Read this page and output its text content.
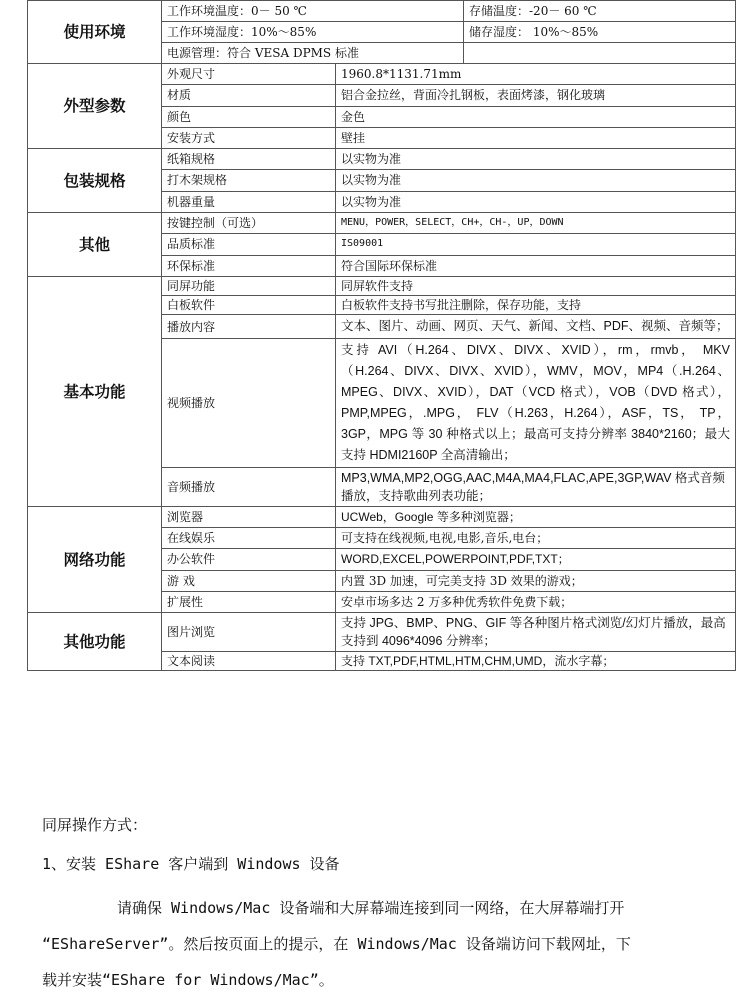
使用环境	工作环境温度：0－ 50 ℃		存储温度：-20－ 60 ℃
	工作环境湿度：10%～85%		储存湿度： 10%～85%
	电源管理：符合 VESA DPMS 标准		
外型参数	外观尺寸	1960.8*1131.71mm	
	材质	铝合金拉丝，背面冷扎钢板，表面烤漆，钢化玻璃	
	颜色	金色	
	安装方式	壁挂	
包装规格	纸箱规格	以实物为准	
	打木架规格	以实物为准	
	机器重量	以实物为准	
其他	按键控制（可选）	MENU，POWER，SELECT，CH+，CH-，UP，DOWN	
	品质标准	IS09001	
	环保标准	符合国际环保标准	
基本功能	同屏功能	同屏软件支持	
	白板软件	白板软件支持书写批注删除，保存功能，支持	
	播放内容	文本、图片、动画、网页、天气、新闻、文档、PDF、视频、音频等；	
	视频播放	支持 AVI（H.264、DIVX、DIVX、XVID），rm，rmvb， MKV（H.264、DIVX、DIVX、XVID），WMV，MOV，MP4（.H.264、MPEG、DIVX、XVID），DAT（VCD 格式），VOB（DVD 格式），PMP,MPEG，.MPG， FLV（H.263，H.264），ASF，TS， TP，3GP，MPG 等 30 种格式以上；最高可支持分辨率 3840*2160；最大支持 HDMI2160P 全高清输出；	
	音频播放	MP3,WMA,MP2,OGG,AAC,M4A,MA4,FLAC,APE,3GP,WAV 格式音频播放，支持歌曲列表功能；	
网络功能	浏览器	UCWeb，Google 等多种浏览器；	
	在线娱乐	可支持在线视频,电视,电影,音乐,电台；	
	办公软件	WORD,EXCEL,POWERPOINT,PDF,TXT；	
	游 戏	内置 3D 加速，可完美支持 3D 效果的游戏；	
	扩展性	安卓市场多达 2 万多种优秀软件免费下载；	
其他功能	图片浏览	支持 JPG、BMP、PNG、GIF 等各种图片格式浏览/幻灯片播放，最高支持到 4096*4096 分辨率；	
	文本阅读	支持 TXT,PDF,HTML,HTM,CHM,UMD，流水字幕；	
同屏操作方式：
1、安装 EShare 客户端到 Windows 设备
请确保 Windows/Mac 设备端和大屏幕端连接到同一网络，在大屏幕端打开
“EShareServer”。然后按页面上的提示，在 Windows/Mac 设备端访问下载网址，下
载并安装“EShare for Windows/Mac”。
